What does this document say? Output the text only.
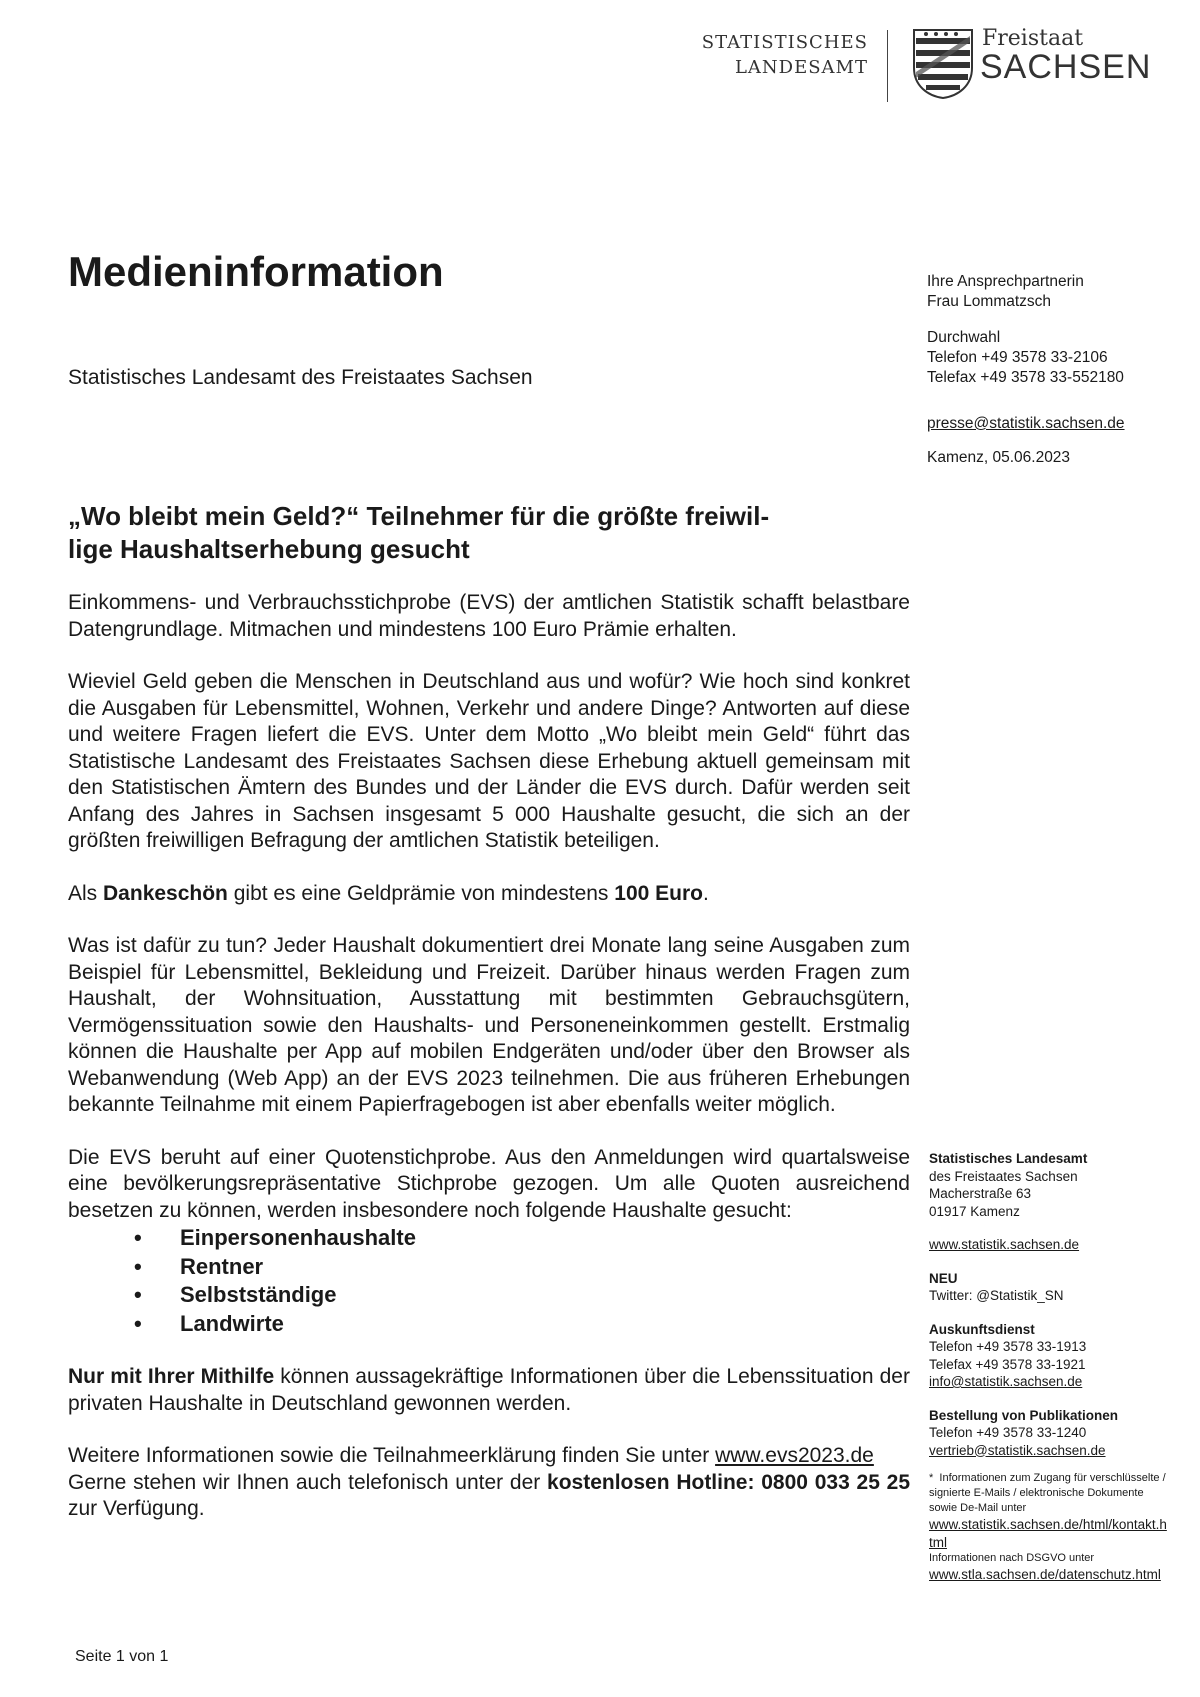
STATISTISCHES
LANDESAMT
Freistaat
SACHSEN
Medieninformation
Statistisches Landesamt des Freistaates Sachsen

Ihre Ansprechpartnerin

Frau Lommatzsch

Durchwahl

Telefon +49 3578 33-2106

Telefax +49 3578 33-552180

presse@statistik.sachsen.de

Kamenz, 05.06.2023

„Wo bleibt mein Geld?“ Teilnehmer für die größte freiwil-
lige Haushaltserhebung gesucht

Einkommens- und Verbrauchsstichprobe (EVS) der amtlichen Statistik schafft belastbare Datengrundlage. Mitmachen und mindestens 100 Euro Prämie erhalten.

Wieviel Geld geben die Menschen in Deutschland aus und wofür? Wie hoch sind konkret die Ausgaben für Lebensmittel, Wohnen, Verkehr und andere Dinge? Antworten auf diese und weitere Fragen liefert die EVS. Unter dem Motto „Wo bleibt mein Geld“ führt das Statistische Landesamt des Freistaates Sachsen diese Erhebung aktuell gemeinsam mit den Statistischen Ämtern des Bundes und der Länder die EVS durch. Dafür werden seit Anfang des Jahres in Sachsen insgesamt 5 000 Haushalte gesucht, die sich an der größten freiwilligen Befragung der amtlichen Statistik beteiligen.

Als Dankeschön gibt es eine Geldprämie von mindestens 100 Euro.

Was ist dafür zu tun? Jeder Haushalt dokumentiert drei Monate lang seine Ausgaben zum Beispiel für Lebensmittel, Bekleidung und Freizeit. Darüber hinaus werden Fragen zum Haushalt, der Wohnsituation, Ausstattung mit bestimmten Gebrauchsgütern, Vermögenssituation sowie den Haushalts- und Personeneinkommen gestellt. Erstmalig können die Haushalte per App auf mobilen Endgeräten und/oder über den Browser als Webanwendung (Web App) an der EVS 2023 teilnehmen. Die aus früheren Erhebungen bekannte Teilnahme mit einem Papierfragebogen ist aber ebenfalls weiter möglich.

Die EVS beruht auf einer Quotenstichprobe. Aus den Anmeldungen wird quartalsweise eine bevölkerungsrepräsentative Stichprobe gezogen. Um alle Quoten ausreichend besetzen zu können, werden insbesondere noch folgende Haushalte gesucht:

• Einpersonenhaushalte
• Rentner
• Selbstständige
• Landwirte

Nur mit Ihrer Mithilfe können aussagekräftige Informationen über die Lebenssituation der privaten Haushalte in Deutschland gewonnen werden.

Weitere Informationen sowie die Teilnahmeerklärung finden Sie unter www.evs2023.de

Gerne stehen wir Ihnen auch telefonisch unter der kostenlosen Hotline: 0800 033 25 25 zur Verfügung.

Seite 1 von 1

Statistisches Landesamt

des Freistaates Sachsen

Macherstraße 63

01917 Kamenz

www.statistik.sachsen.de

NEU

Twitter: @Statistik_SN

Auskunftsdienst

Telefon +49 3578 33-1913

Telefax +49 3578 33-1921

info@statistik.sachsen.de

Bestellung von Publikationen

Telefon +49 3578 33-1240

vertrieb@statistik.sachsen.de

* Informationen zum Zugang für verschlüsselte / signierte E-Mails / elektronische Dokumente sowie De-Mail unter

www.statistik.sachsen.de/html/kontakt.html

Informationen nach DSGVO unter

www.stla.sachsen.de/datenschutz.html
